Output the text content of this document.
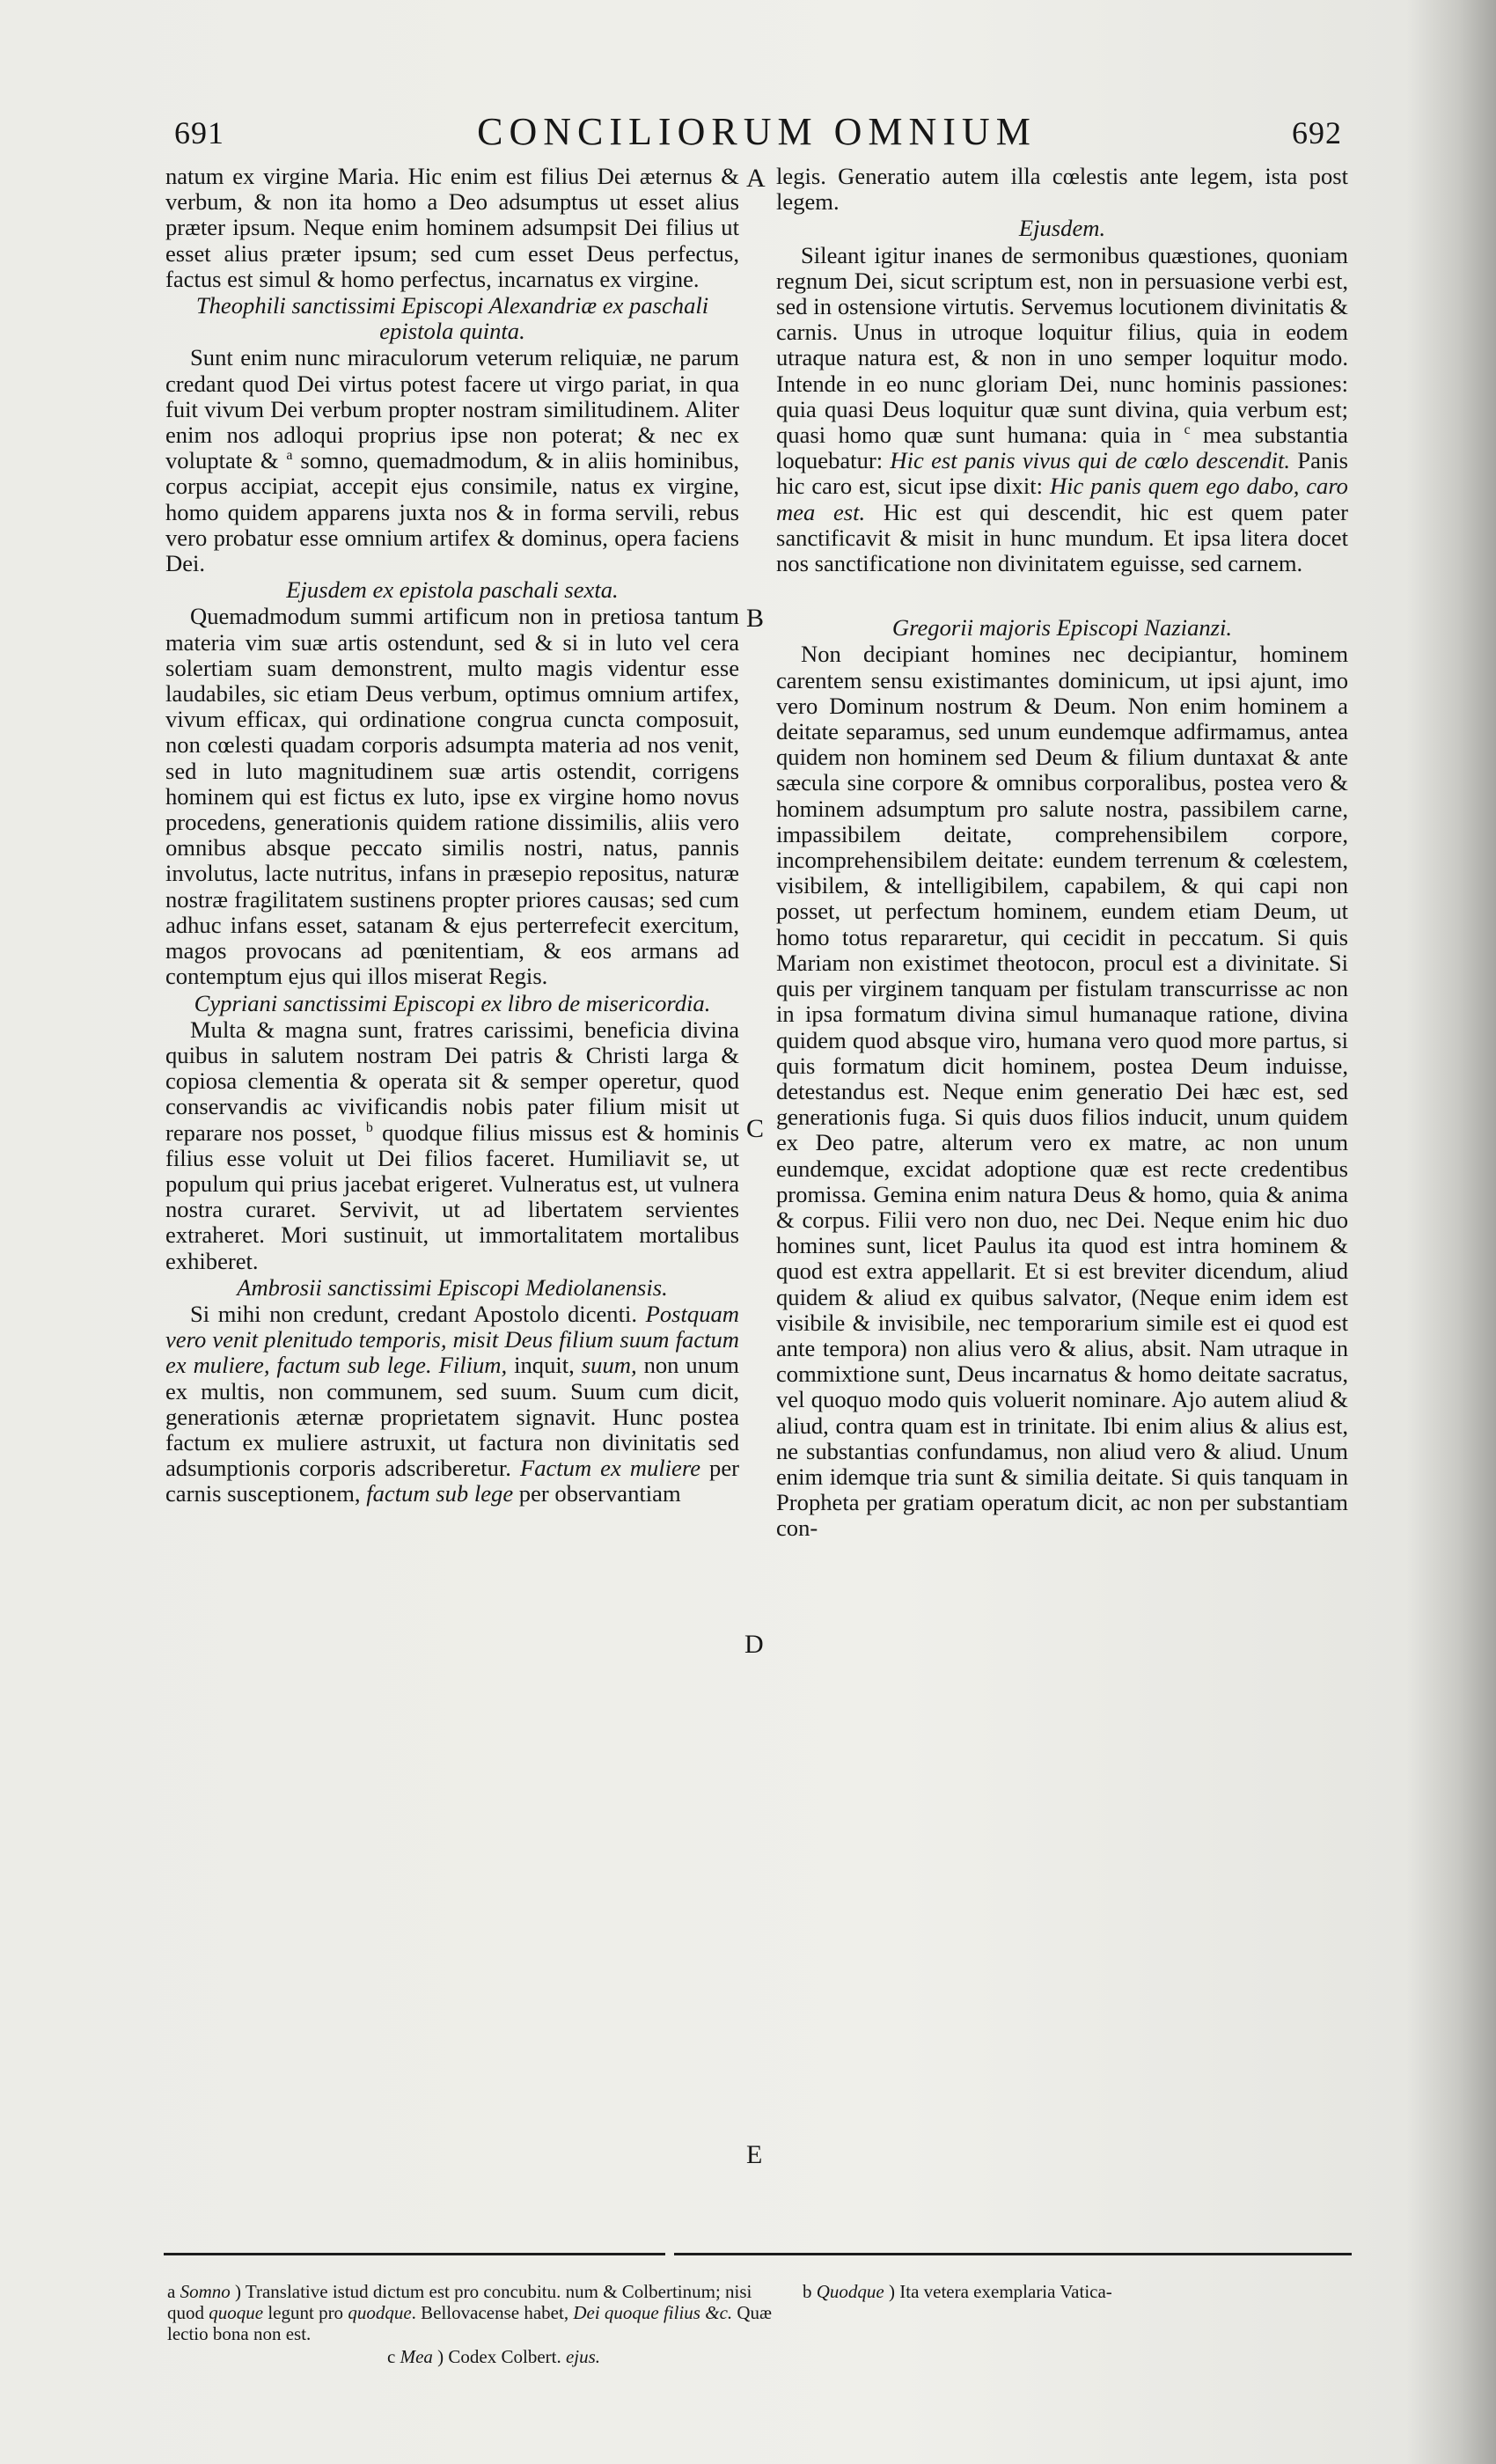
691	CONCILIORUM OMNIUM	692

natum ex virgine Maria. Hic enim est filius Dei æternus & verbum, & non ita homo a Deo adsumptus ut esset alius præter ipsum. Neque enim hominem adsumpsit Dei filius ut esset alius præter ipsum; sed cum esset Deus perfectus, factus est simul & homo perfectus, incarnatus ex virgine.

Theophili sanctissimi Episcopi Alexandriæ ex paschali epistola quinta.

Sunt enim nunc miraculorum veterum reliquiæ, ne parum credant quod Dei virtus potest facere ut virgo pariat, in qua fuit vivum Dei verbum propter nostram similitudinem. Aliter enim nos adloqui proprius ipse non poterat; & nec ex voluptate & $^a$ somno, quemadmodum, & in aliis hominibus, corpus accipiat, accepit ejus consimile, natus ex virgine, homo quidem apparens juxta nos & in forma servili, rebus vero probatur esse omnium artifex & dominus, opera faciens Dei.

Ejusdem ex epistola paschali sexta.

Quemadmodum summi artificum non in pretiosa tantum materia vim suæ artis ostendunt, sed & si in luto vel cera solertiam suam demonstrent, multo magis videntur esse laudabiles, sic etiam Deus verbum, optimus omnium artifex, vivum efficax, qui ordinatione congrua cuncta composuit, non cœlesti quadam corporis adsumpta materia ad nos venit, sed in luto magnitudinem suæ artis ostendit, corrigens hominem qui est fictus ex luto, ipse ex virgine homo novus procedens, generationis quidem ratione dissimilis, aliis vero omnibus absque peccato similis nostri, natus, pannis involutus, lacte nutritus, infans in præsepio repositus, naturæ nostræ fragilitatem sustinens propter priores causas; sed cum adhuc infans esset, satanam & ejus perterrefecit exercitum, magos provocans ad pœnitentiam, & eos armans ad contemptum ejus qui illos miserat Regis.

Cypriani sanctissimi Episcopi ex libro de misericordia.

Multa & magna sunt, fratres carissimi, beneficia divina quibus in salutem nostram Dei patris & Christi larga & copiosa clementia & operata sit & semper operetur, quod conservandis ac vivificandis nobis pater filium misit ut reparare nos posset, $^b$ quodque filius missus est & hominis filius esse voluit ut Dei filios faceret. Humiliavit se, ut populum qui prius jacebat erigeret. Vulneratus est, ut vulnera nostra curaret. Servivit, ut ad libertatem servientes extraheret. Mori sustinuit, ut immortalitatem mortalibus exhiberet.

Ambrosii sanctissimi Episcopi Mediolanensis.

Si mihi non credunt, credant Apostolo dicenti. Postquam vero venit plenitudo temporis, misit Deus filium suum factum ex muliere, factum sub lege. Filium, inquit, suum, non unum ex multis, non communem, sed suum. Suum cum dicit, generationis æternæ proprietatem signavit. Hunc postea factum ex muliere astruxit, ut factura non divinitatis sed adsumptionis corporis adscriberetur. Factum ex muliere per carnis susceptionem, factum sub lege per observantiam

A
B
C
D
E

legis. Generatio autem illa cœlestis ante legem, ista post legem.

Ejusdem.

Sileant igitur inanes de sermonibus quæstiones, quoniam regnum Dei, sicut scriptum est, non in persuasione verbi est, sed in ostensione virtutis. Servemus locutionem divinitatis & carnis. Unus in utroque loquitur filius, quia in eodem utraque natura est, & non in uno semper loquitur modo. Intende in eo nunc gloriam Dei, nunc hominis passiones: quia quasi Deus loquitur quæ sunt divina, quia verbum est; quasi homo quæ sunt humana: quia in $^c$ mea substantia loquebatur: Hic est panis vivus qui de cœlo descendit. Panis hic caro est, sicut ipse dixit: Hic panis quem ego dabo, caro mea est. Hic est qui descendit, hic est quem pater sanctificavit & misit in hunc mundum. Et ipsa litera docet nos sanctificatione non divinitatem eguisse, sed carnem.

Gregorii majoris Episcopi Nazianzi.

Non decipiant homines nec decipiantur, hominem carentem sensu existimantes dominicum, ut ipsi ajunt, imo vero Dominum nostrum & Deum. Non enim hominem a deitate separamus, sed unum eundemque adfirmamus, antea quidem non hominem sed Deum & filium duntaxat & ante sæcula sine corpore & omnibus corporalibus, postea vero & hominem adsumptum pro salute nostra, passibilem carne, impassibilem deitate, comprehensibilem corpore, incomprehensibilem deitate: eundem terrenum & cœlestem, visibilem, & intelligibilem, capabilem, & qui capi non posset, ut perfectum hominem, eundem etiam Deum, ut homo totus repararetur, qui cecidit in peccatum. Si quis Mariam non existimet theotocon, procul est a divinitate. Si quis per virginem tanquam per fistulam transcurrisse ac non in ipsa formatum divina simul humanaque ratione, divina quidem quod absque viro, humana vero quod more partus, si quis formatum dicit hominem, postea Deum induisse, detestandus est. Neque enim generatio Dei hæc est, sed generationis fuga. Si quis duos filios inducit, unum quidem ex Deo patre, alterum vero ex matre, ac non unum eundemque, excidat adoptione quæ est recte credentibus promissa. Gemina enim natura Deus & homo, quia & anima & corpus. Filii vero non duo, nec Dei. Neque enim hic duo homines sunt, licet Paulus ita quod est intra hominem & quod est extra appellarit. Et si est breviter dicendum, aliud quidem & aliud ex quibus salvator, (Neque enim idem est visibile & invisibile, nec temporarium simile est ei quod est ante tempora) non alius vero & alius, absit. Nam utraque in commixtione sunt, Deus incarnatus & homo deitate sacratus, vel quoquo modo quis voluerit nominare. Ajo autem aliud & aliud, contra quam est in trinitate. Ibi enim alius & alius est, ne substantias confundamus, non aliud vero & aliud. Unum enim idemque tria sunt & similia deitate. Si quis tanquam in Propheta per gratiam operatum dicit, ac non per substantiam con-

a Somno ) Translative istud dictum est pro concubitu. num & Colbertinum; nisi quod quoque legunt pro quodque. Bellovacense habet, Dei quoque filius &c. Quæ lectio bona non est.

c Mea ) Codex Colbert. ejus.

b Quodque ) Ita vetera exemplaria Vatica-
